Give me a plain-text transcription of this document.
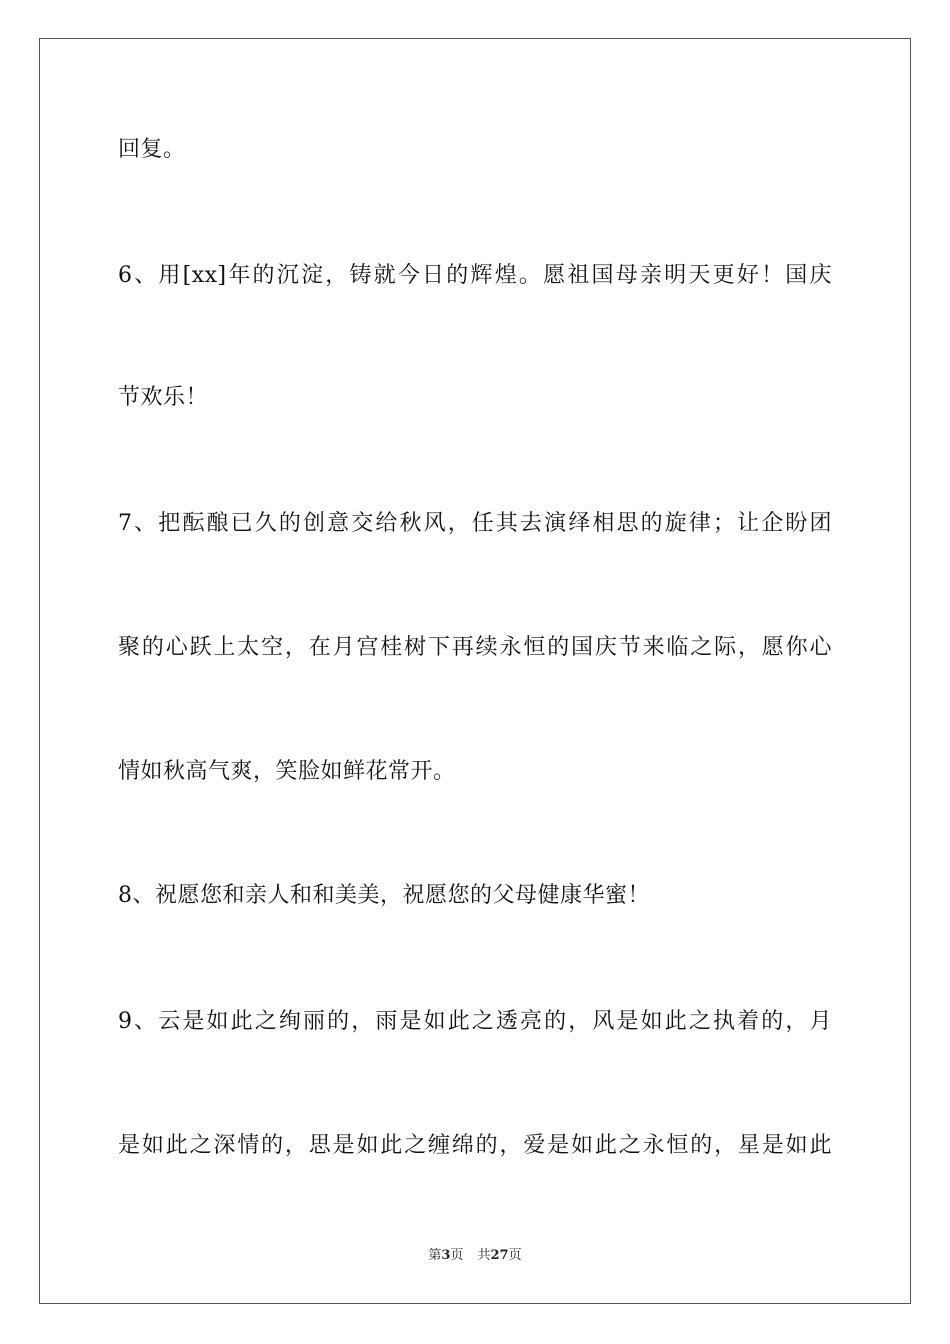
回复。
6、用[xx]年的沉淀，铸就今日的辉煌。愿祖国母亲明天更好！国庆
节欢乐！
7、把酝酿已久的创意交给秋风，任其去演绎相思的旋律；让企盼团
聚的心跃上太空，在月宫桂树下再续永恒的国庆节来临之际，愿你心
情如秋高气爽，笑脸如鲜花常开。
8、祝愿您和亲人和和美美，祝愿您的父母健康华蜜！
9、云是如此之绚丽的，雨是如此之透亮的，风是如此之执着的，月
是如此之深情的，思是如此之缠绵的，爱是如此之永恒的，星是如此
第3页 共27页
